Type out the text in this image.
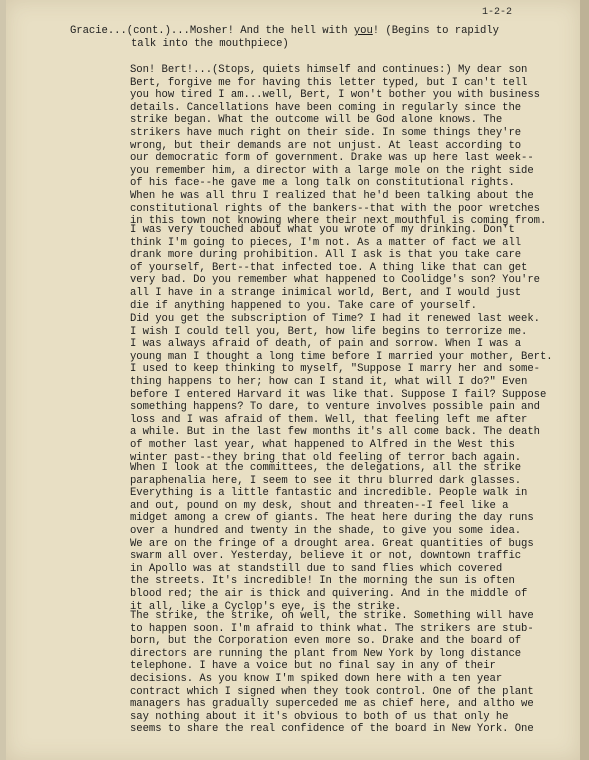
1-2-2
Gracie...(cont.)...Mosher! And the hell with you! (Begins to rapidly
talk into the mouthpiece)
Son! Bert!...(Stops, quiets himself and continues:) My dear son
Bert, forgive me for having this letter typed, but I can't tell
you how tired I am...well, Bert, I won't bother you with business
details. Cancellations have been coming in regularly since the
strike began. What the outcome will be God alone knows. The
strikers have much right on their side. In some things they're
wrong, but their demands are not unjust. At least according to
our democratic form of government. Drake was up here last week--
you remember him, a director with a large mole on the right side
of his face--he gave me a long talk on constitutional rights.
When he was all thru I realized that he'd been talking about the
constitutional rights of the bankers--that with the poor wretches
in this town not knowing where their next mouthful is coming from.
I was very touched about what you wrote of my drinking. Don't
think I'm going to pieces, I'm not. As a matter of fact we all
drank more during prohibition. All I ask is that you take care
of yourself, Bert--that infected toe. A thing like that can get
very bad. Do you remember what happened to Coolidge's son? You're
all I have in a strange inimical world, Bert, and I would just
die if anything happened to you. Take care of yourself.
Did you get the subscription of Time? I had it renewed last week.
I wish I could tell you, Bert, how life begins to terrorize me.
I was always afraid of death, of pain and sorrow. When I was a
young man I thought a long time before I married your mother, Bert.
I used to keep thinking to myself, "Suppose I marry her and some-
thing happens to her; how can I stand it, what will I do?" Even
before I entered Harvard it was like that. Suppose I fail? Suppose
something happens? To dare, to venture involves possible pain and
loss and I was afraid of them. Well, that feeling left me after
a while. But in the last few months it's all come back. The death
of mother last year, what happened to Alfred in the West this
winter past--they bring that old feeling of terror bach again.
When I look at the committees, the delegations, all the strike
paraphenalia here, I seem to see it thru blurred dark glasses.
Everything is a little fantastic and incredible. People walk in
and out, pound on my desk, shout and threaten--I feel like a
midget among a crew of giants. The heat here during the day runs
over a hundred and twenty in the shade, to give you some idea.
We are on the fringe of a drought area. Great quantities of bugs
swarm all over. Yesterday, believe it or not, downtown traffic
in Apollo was at standstill due to sand flies which covered
the streets. It's incredible! In the morning the sun is often
blood red; the air is thick and quivering. And in the middle of
it all, like a Cyclop's eye, is the strike.
The strike, the strike, oh well, the strike. Something will have
to happen soon. I'm afraid to think what. The strikers are stub-
born, but the Corporation even more so. Drake and the board of
directors are running the plant from New York by long distance
telephone. I have a voice but no final say in any of their
decisions. As you know I'm spiked down here with a ten year
contract which I signed when they took control. One of the plant
managers has gradually superceded me as chief here, and altho we
say nothing about it it's obvious to both of us that only he
seems to share the real confidence of the board in New York. One
